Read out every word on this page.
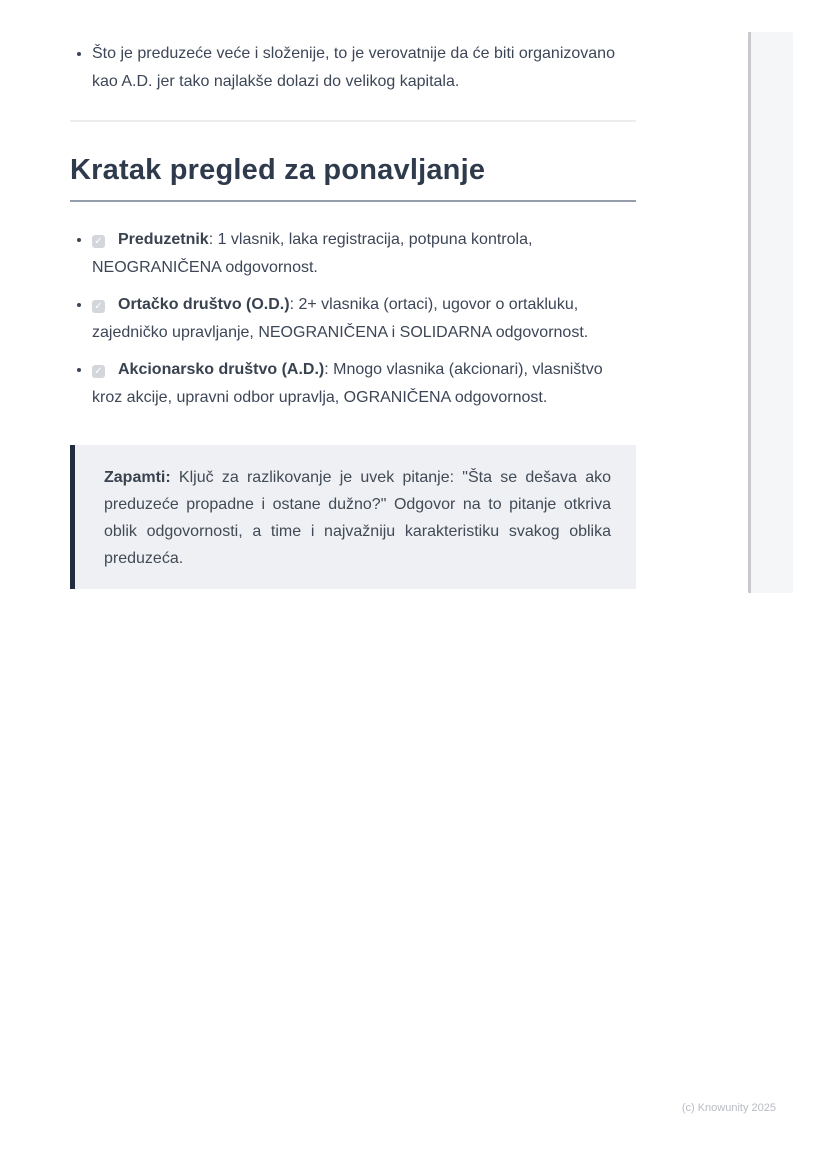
• Što je preduzeće veće i složenije, to je verovatnije da će biti organizovano kao A.D. jer tako najlakše dolazi do velikog kapitala.
Kratak pregled za ponavljanje
• ✓ Preduzetnik: 1 vlasnik, laka registracija, potpuna kontrola, NEOGRANIČENA odgovornost.
• ✓ Ortačko društvo (O.D.): 2+ vlasnika (ortaci), ugovor o ortakluku, zajedničko upravljanje, NEOGRANIČENA i SOLIDARNA odgovornost.
• ✓ Akcionarsko društvo (A.D.): Mnogo vlasnika (akcionari), vlasništvo kroz akcije, upravni odbor upravlja, OGRANIČENA odgovornost.
Zapamti: Ključ za razlikovanje je uvek pitanje: "Šta se dešava ako preduzeće propadne i ostane dužno?" Odgovor na to pitanje otkriva oblik odgovornosti, a time i najvažniju karakteristiku svakog oblika preduzeća.
(c) Knowunity 2025
